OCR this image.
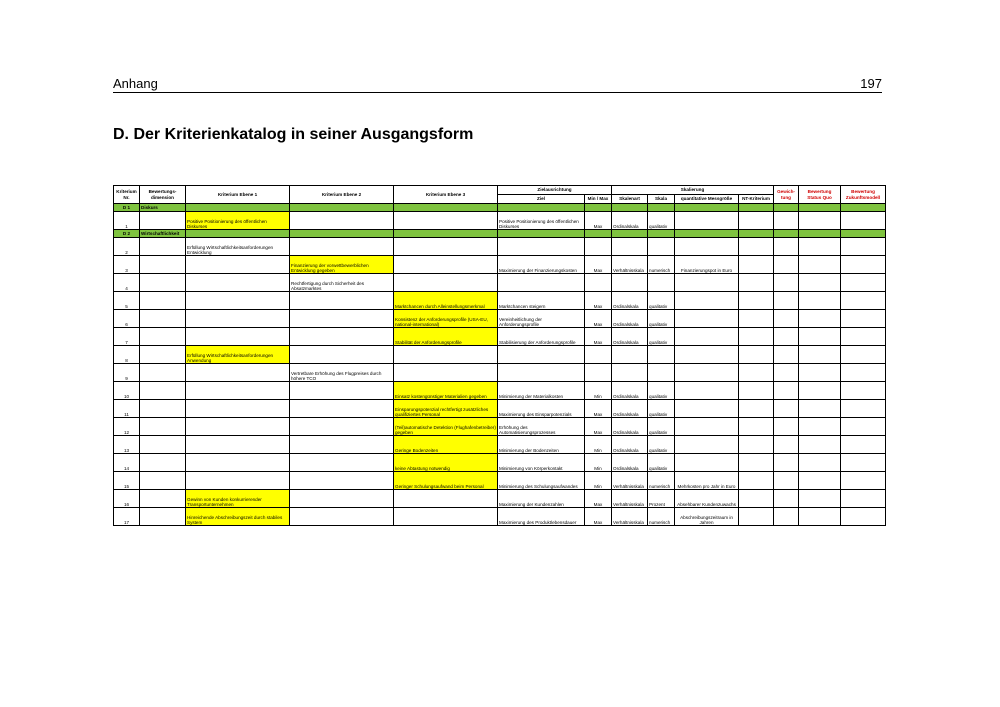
Anhang	197
D. Der Kriterienkatalog in seiner Ausgangsform
Kriterium Nr.	Bewertungs- dimension	Kriterium Ebene 1	Kriterium Ebene 2	Kriterium Ebene 3	Zielausrichtung		Skalierung				Gewich- tung	Bewertung Status Quo	Bewertung Zukunftsmodell
					Ziel	Min / Max	Skalenart	Skala	quantitative Messgröße	NT-Kriterium			
D 1	Diskurs												
1		Positive Positionierung des öffentlichen Diskurses			Positive Positionierung des öffentlichen Diskurses	Max	Ordinalskala	qualitativ					
D 2	Wirtschaftlichkeit												
2		Erfüllung Wirtschaftlichkeitsanforderungen Entwicklung											
3			Finanzierung der vorwettbewerblichen Entwicklung gegeben		Maximierung der Finanzierungskosten	Max	Verhältnisskala	numerisch	Finanzierungspot in Euro				
4			Rechtfertigung durch Sicherheit des Absatzmarktes										
5				Marktchancen durch Alleinstellungsmerkmal	Marktchancen steigern	Max	Ordinalskala	qualitativ					
6				Konsistenz der Anforderungsprofile (USA-EU, national-international)	Vereinheitlichung der Anforderungsprofile	Max	Ordinalskala	qualitativ					
7				Stabilität der Anforderungsprofile	Stabilisierung der Anforderungsprofile	Max	Ordinalskala	qualitativ					
8		Erfüllung Wirtschaftlichkeitsanforderungen Anwendung											
9			Vertretbare Erhöhung des Flugpreises durch höhere TCO										
10				Einsatz kostengünstiger Materialien gegeben	Minimierung der Materialkosten	Min	Ordinalskala	qualitativ					
11				Einsparungspotenzial rechtfertigt zusätzliches qualifiziertes Personal	Maximierung des Einsparpotenzials	Max	Ordinalskala	qualitativ					
12				(Teil)automatische Detektion (Flughafenbetreiber) gegeben	Erhöhung des Automatisierungsprozesses	Max	Ordinalskala	qualitativ					
13				Geringe Bodenzeiten	Minimierung der Bodenzeiten	Min	Ordinalskala	qualitativ					
14				keine Abtastung notwendig	Minimierung von Körperkontakt	Min	Ordinalskala	qualitativ					
15				Geringer Schulungsaufwand beim Personal	Minimierung des Schulungsaufwandes	Min	Verhältnisskala	numerisch	Mehrkosten pro Jahr in Euro				
16		Gewinn von Kunden konkurrierender Transportunternehmen			Maximierung der Kundenzahlen	Max	Verhältnisskala	Prozent	Absehbarer Kundenzuwachs				
17		Hinreichende Abschreibungszeit durch stabiles System			Maximierung des Produktlebensdauer	Max	Verhältnisskala	numerisch	Abschreibungszeitraum in Jahren				
